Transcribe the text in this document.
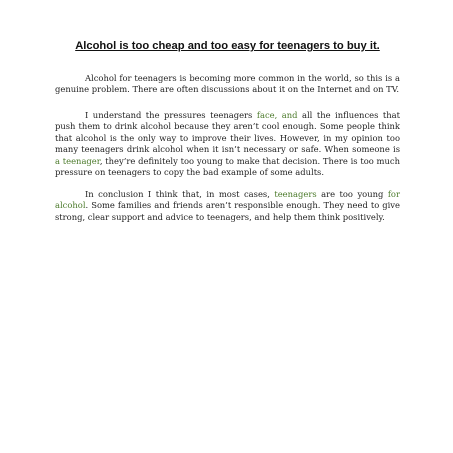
Alcohol is too cheap and too easy for teenagers to buy it.

Alcohol for teenagers is becoming more common in the world, so this is a genuine problem. There are often discussions about it on the Internet and on TV.

I understand the pressures teenagers face, and all the influences that push them to drink alcohol because they aren’t cool enough. Some people think that alcohol is the only way to improve their lives. However, in my opinion too many teenagers drink alcohol when it isn’t necessary or safe. When someone is a teenager, they’re definitely too young to make that decision. There is too much pressure on teenagers to copy the bad example of some adults.

In conclusion I think that, in most cases, teenagers are too young for alcohol. Some families and friends aren’t responsible enough. They need to give strong, clear support and advice to teenagers, and help them think positively.
